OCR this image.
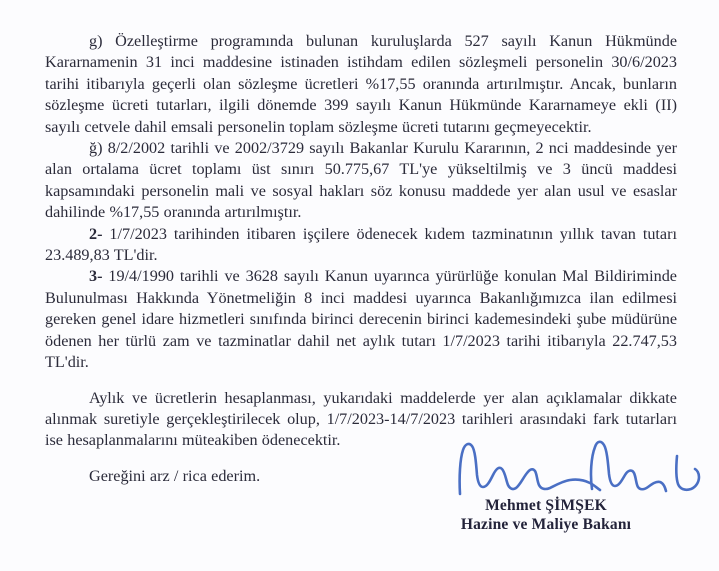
g) Özelleştirme programında bulunan kuruluşlarda 527 sayılı Kanun Hükmünde Kararnamenin 31 inci maddesine istinaden istihdam edilen sözleşmeli personelin 30/6/2023 tarihi itibarıyla geçerli olan sözleşme ücretleri %17,55 oranında artırılmıştır. Ancak, bunların sözleşme ücreti tutarları, ilgili dönemde 399 sayılı Kanun Hükmünde Kararnameye ekli (II) sayılı cetvele dahil emsali personelin toplam sözleşme ücreti tutarını geçmeyecektir.

ğ) 8/2/2002 tarihli ve 2002/3729 sayılı Bakanlar Kurulu Kararının, 2 nci maddesinde yer alan ortalama ücret toplamı üst sınırı 50.775,67 TL'ye yükseltilmiş ve 3 üncü maddesi kapsamındaki personelin mali ve sosyal hakları söz konusu maddede yer alan usul ve esaslar dahilinde %17,55 oranında artırılmıştır.

2- 1/7/2023 tarihinden itibaren işçilere ödenecek kıdem tazminatının yıllık tavan tutarı 23.489,83 TL'dir.

3- 19/4/1990 tarihli ve 3628 sayılı Kanun uyarınca yürürlüğe konulan Mal Bildiriminde Bulunulması Hakkında Yönetmeliğin 8 inci maddesi uyarınca Bakanlığımızca ilan edilmesi gereken genel idare hizmetleri sınıfında birinci derecenin birinci kademesindeki şube müdürüne ödenen her türlü zam ve tazminatlar dahil net aylık tutarı 1/7/2023 tarihi itibarıyla 22.747,53 TL'dir.

Aylık ve ücretlerin hesaplanması, yukarıdaki maddelerde yer alan açıklamalar dikkate alınmak suretiyle gerçekleştirilecek olup, 1/7/2023-14/7/2023 tarihleri arasındaki fark tutarları ise hesaplanmalarını müteakiben ödenecektir.

Gereğini arz / rica ederim.

Mehmet ŞİMŞEK
Hazine ve Maliye Bakanı
